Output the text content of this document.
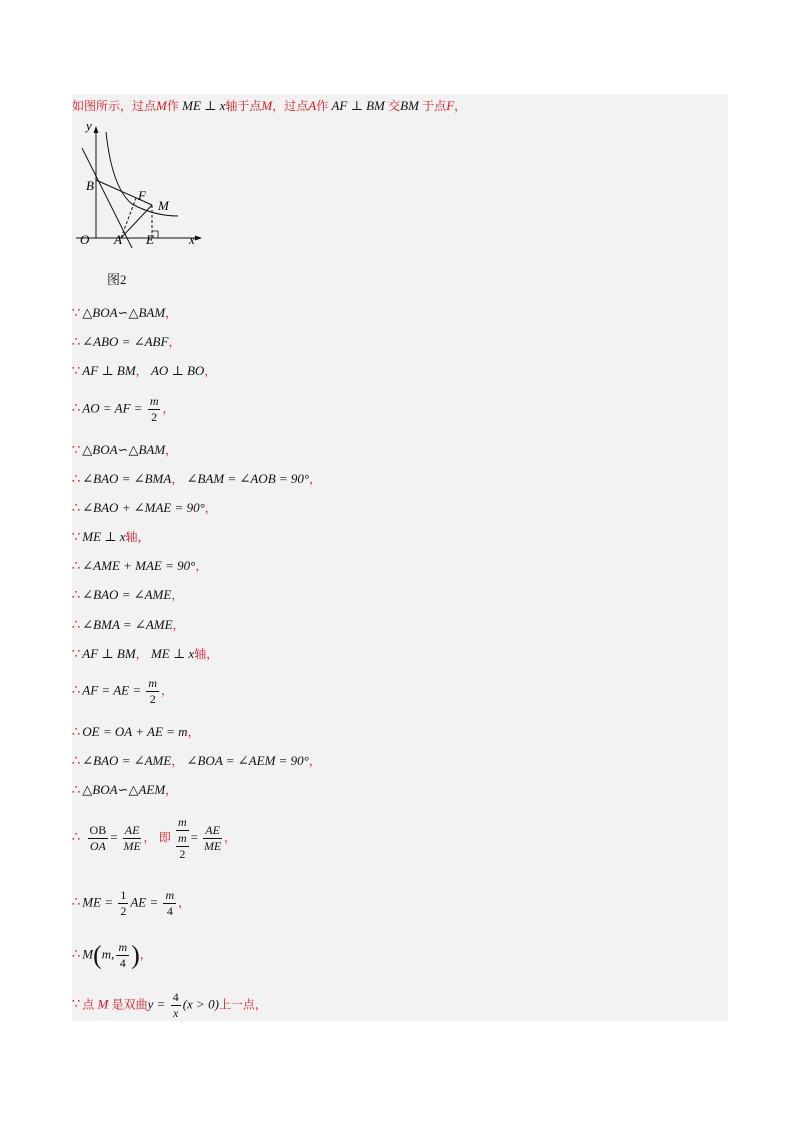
如图所示，过点M作 ME ⊥ x轴于点M，过点A作 AF ⊥ BM 交BM 于点F，
y
x
O
B
A E
F
M
图2
∵ △BOA∽△BAM，
∴ ∠ABO = ∠ABF，
∵ AF ⊥ BM， AO ⊥ BO，
∴ AO = AF = $\frac{m}{2}$ ，
∵ △BOA∽△BAM，
∴ ∠BAO = ∠BMA， ∠BAM = ∠AOB = 90°，
∴ ∠BAO + ∠MAE = 90°，
∵ ME ⊥ x轴，
∴ ∠AME + MAE = 90°，
∴ ∠BAO = ∠AME，
∴ ∠BMA = ∠AME，
∵ AF ⊥ BM， ME ⊥ x轴，
∴ AF = AE = $\frac{m}{2}$ ，
∴ OE = OA + AE = m，
∴ ∠BAO = ∠AME， ∠BOA = ∠AEM = 90°，
∴ △BOA∽△AEM，
∴ $\frac{OB}{OA} = \frac{AE}{ME}$ ， 即
m
m
2
= $\frac{AE}{ME}$ ，
∴ ME = $\frac{1}{2}$ AE = $\frac{m}{4}$ ，
∴ M(m, $\frac{m}{4}$ )，
∵ 点 M 是双曲$y = \frac{4}{x} (x > 0)$上一点，
